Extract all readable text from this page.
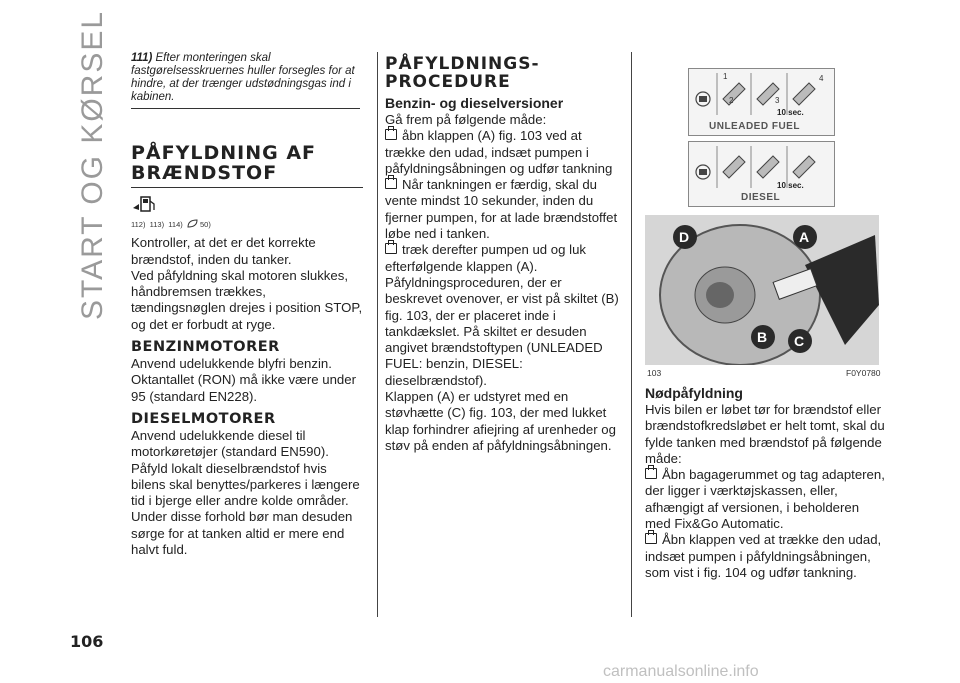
START OG KØRSEL 111) Efter monteringen skal fastgørelsesskruernes huller forsegles for at hindre, at der trænger udstødningsgas ind i kabinen.

PÅFYLDNING AF BRÆNDSTOF

112) 113) 114) 50)

Kontroller, at det er det korrekte brændstof, inden du tanker.

Ved påfyldning skal motoren slukkes, håndbremsen trækkes, tændingsnøglen drejes i position STOP, og det er forbudt at ryge.

BENZINMOTORER

Anvend udelukkende blyfri benzin. Oktantallet (RON) må ikke være under 95 (standard EN228).

DIESELMOTORER

Anvend udelukkende diesel til motorkøretøjer (standard EN590).

Påfyld lokalt dieselbrændstof hvis bilens skal benyttes/parkeres i længere tid i bjerge eller andre kolde områder. Under disse forhold bør man desuden sørge for at tanken altid er mere end halvt fuld.

PÅFYLDNINGS-PROCEDURE

Benzin- og dieselversioner

Gå frem på følgende måde:

åbn klappen (A) fig. 103 ved at trække den udad, indsæt pumpen i påfyldningsåbningen og udfør tankning

Når tankningen er færdig, skal du vente mindst 10 sekunder, inden du fjerner pumpen, for at lade brændstoffet løbe ned i tanken.

træk derefter pumpen ud og luk efterfølgende klappen (A).

Påfyldningsproceduren, der er beskrevet ovenover, er vist på skiltet (B) fig. 103, der er placeret inde i tankdækslet. På skiltet er desuden angivet brændstoftypen (UNLEADED FUEL: benzin, DIESEL: dieselbrændstof).

Klappen (A) er udstyret med en støvhætte (C) fig. 103, der med lukket klap forhindrer afiejring af urenheder og støv på enden af påfyldningsåbningen.

1
2	3
4
10 sec.
UNLEADED FUEL
10 sec.
DIESEL
D	A
B C
103	F0Y0780

Nødpåfyldning

Hvis bilen er løbet tør for brændstof eller brændstofkredsløbet er helt tomt, skal du fylde tanken med brændstof på følgende måde:

Åbn bagagerummet og tag adapteren, der ligger i værktøjskassen, eller, afhængigt af versionen, i beholderen med Fix&Go Automatic.

Åbn klappen ved at trække den udad, indsæt pumpen i påfyldningsåbningen, som vist i fig. 104 og udfør tankning.

106
carmanualsonline.info
